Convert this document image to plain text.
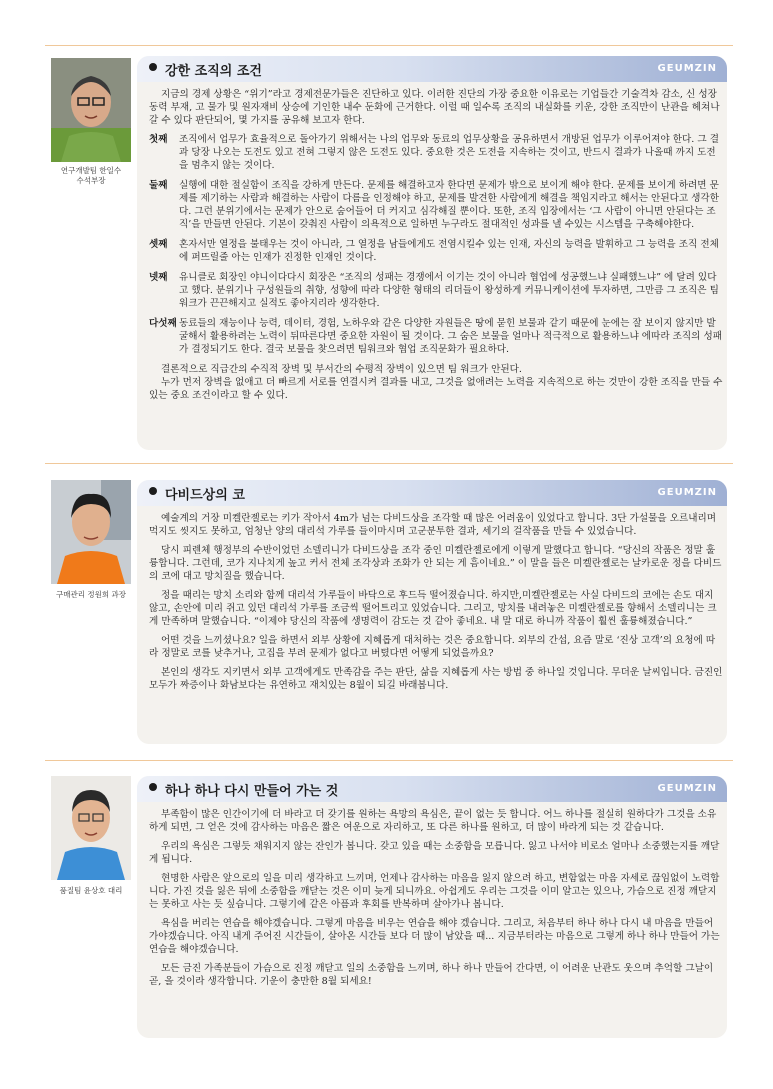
연구개발팀 한일수
수석부장
강한 조직의 조건	GEUMZIN

지금의 경제 상황은 “위기”라고 경제전문가들은 진단하고 있다. 이러한 진단의 가장 중요한 이유로는 기업들간 기술격차 감소, 신 성장 동력 부재, 고 물가 및 원자재비 상승에 기인한 내수 둔화에 근거한다. 이럴 때 일수록 조직의 내실화를 키운, 강한 조직만이 난관을 헤쳐나갈 수 있다 판단되어, 몇 가지를 공유해 보고자 한다.

첫째	조직에서 업무가 효율적으로 돌아가기 위해서는 나의 업무와 동료의 업무상황을 공유하면서 개방된 업무가 이루어져야 한다. 그 결과 당장 나오는 도전도 있고 전혀 그렇지 않은 도전도 있다. 중요한 것은 도전을 지속하는 것이고, 반드시 결과가 나올때 까지 도전을 멈추지 않는 것이다.
둘째	실행에 대한 절실함이 조직을 강하게 만든다. 문제를 해결하고자 한다면 문제가 밖으로 보이게 해야 한다. 문제를 보이게 하려면 문제를 제기하는 사람과 해결하는 사람이 다름을 인정해야 하고, 문제를 발견한 사람에게 해결을 책임지라고 해서는 안된다고 생각한다. 그런 분위기에서는 문제가 안으로 숨어들어 더 커지고 심각해질 뿐이다. 또한, 조직 입장에서는 ‘그 사람이 아니면 안된다는 조직’을 만들면 안된다. 기본이 갖춰진 사람이 의욕적으로 일하면 누구라도 절대적인 성과를 낼 수있는 시스템을 구축해야한다.
셋째	혼자서만 열정을 불태우는 것이 아니라, 그 열정을 남들에게도 전염시킬수 있는 인재, 자신의 능력을 발휘하고 그 능력을 조직 전체에 퍼뜨릴줄 아는 인재가 진정한 인재인 것이다.
넷째	유니클로 회장인 야니이다다시 회장은 “조직의 성패는 경쟁에서 이기는 것이 아니라 협업에 성공했느냐 실패했느냐” 에 달려 있다고 했다. 분위기나 구성원들의 취향, 성향에 따라 다양한 형태의 리더들이 왕성하게 커뮤니케이션에 투자하면, 그만큼 그 조직은 팀워크가 끈끈해지고 실적도 좋아지리라 생각한다.
다섯째 동료들의 재능이나 능력, 데이터, 경험, 노하우와 같은 다양한 자원들은 땅에 묻힌 보물과 같기 때문에 눈에는 잘 보이지 않지만 발굴해서 활용하려는 노력이 뒤따른다면 중요한 자원이 될 것이다. 그 숨은 보물을 얼마나 적극적으로 활용하느냐 에따라 조직의 성패가 결정되기도 한다. 결국 보물을 찾으려면 팀워크와 협업 조직문화가 필요하다.

결론적으로 직급간의 수직적 장벽 및 부서간의 수평적 장벽이 있으면 팀 워크가 안된다.

누가 먼저 장벽을 없애고 더 빠르게 서로를 연결시켜 결과를 내고, 그것을 없애려는 노력을 지속적으로 하는 것만이 강한 조직을 만들 수 있는 중요 조건이라고 할 수 있다.

구매관리 정원희 과장
다비드상의 코	GEUMZIN

예술계의 거장 미켈란젤로는 키가 작아서 4m가 넘는 다비드상을 조각할 때 많은 어려움이 있었다고 합니다. 3단 가설물을 오르내리며 먹지도 씻지도 못하고, 엄청난 양의 대리석 가루를 들이마시며 고군분투한 결과, 세기의 걸작품을 만들 수 있었습니다.

당시 피렌체 행정부의 수반이었던 소델리니가 다비드상을 조각 중인 미켈란젤로에게 이렇게 말했다고 합니다. “당신의 작품은 정말 훌륭합니다. 그런데, 코가 지나치게 높고 커서 전체 조각상과 조화가 안 되는 게 흠이네요.” 이 말을 들은 미켈란젤로는 날카로운 정을 다비드의 코에 대고 망치질을 했습니다.

정을 때리는 망치 소리와 함께 대리석 가루들이 바닥으로 후드득 떨어졌습니다. 하지만,미켈란젤로는 사실 다비드의 코에는 손도 대지 않고, 손안에 미리 쥐고 있던 대리석 가루를 조금씩 떨어트리고 있었습니다. 그리고, 망치를 내려놓은 미켈란젤로를 향해서 소델리니는 크게 만족하며 말했습니다. “이제야 당신의 작품에 생명력이 감도는 것 같아 좋네요. 내 말 대로 하니까 작품이 훨씬 훌륭해졌습니다.”

어떤 것을 느끼셨나요? 일을 하면서 외부 상황에 지혜롭게 대처하는 것은 중요합니다. 외부의 간섭, 요즘 말로 ‘진상 고객’의 요청에 따라 정말로 코를 낮추거나, 고집을 부려 문제가 없다고 버텼다면 어떻게 되었을까요?

본인의 생각도 지키면서 외부 고객에게도 만족감을 주는 판단, 삶을 지혜롭게 사는 방법 중 하나일 것입니다. 무더운 날씨입니다. 금진인 모두가 짜증이나 화남보다는 유연하고 재치있는 8월이 되길 바래봅니다.

품질팀 윤상호 대리
하나 하나 다시 만들어 가는 것	GEUMZIN

부족함이 많은 인간이기에 더 바라고 더 갖기를 원하는 욕망의 욕심은, 끝이 없는 듯 합니다. 어느 하나를 절실히 원하다가 그것을 소유하게 되면, 그 얻은 것에 감사하는 마음은 짧은 여운으로 자리하고, 또 다른 하나를 원하고, 더 많이 바라게 되는 것 같습니다.

우리의 욕심은 그렇듯 채워지지 않는 잔인가 봅니다. 갖고 있을 때는 소중함을 모릅니다. 잃고 나서야 비로소 얼마나 소중했는지를 깨닫게 됩니다.

현명한 사람은 앞으로의 일을 미리 생각하고 느끼며, 언제나 감사하는 마음을 잃지 않으려 하고, 변함없는 마음 자세로 끊임없이 노력합니다. 가진 것을 잃은 뒤에 소중함을 깨닫는 것은 이미 늦게 되니까요. 아쉽게도 우리는 그것을 이미 알고는 있으나, 가슴으로 진정 깨닫지는 못하고 사는 듯 싶습니다. 그렇기에 같은 아픔과 후회를 반복하며 살아가나 봅니다.

욕심을 버리는 연습을 해야겠습니다. 그렇게 마음을 비우는 연습을 해야 겠습니다. 그리고, 처음부터 하나 하나 다시 내 마음을 만들어 가야겠습니다. 아직 내게 주어진 시간들이, 살아온 시간들 보다 더 많이 남았을 때... 지금부터라는 마음으로 그렇게 하나 하나 만들어 가는 연습을 해야겠습니다.

모든 금진 가족분들이 가슴으로 진정 깨닫고 일의 소중함을 느끼며, 하나 하나 만들어 간다면, 이 어려운 난관도 웃으며 추억할 그날이 곧, 올 것이라 생각합니다. 기운이 충만한 8월 되세요!
